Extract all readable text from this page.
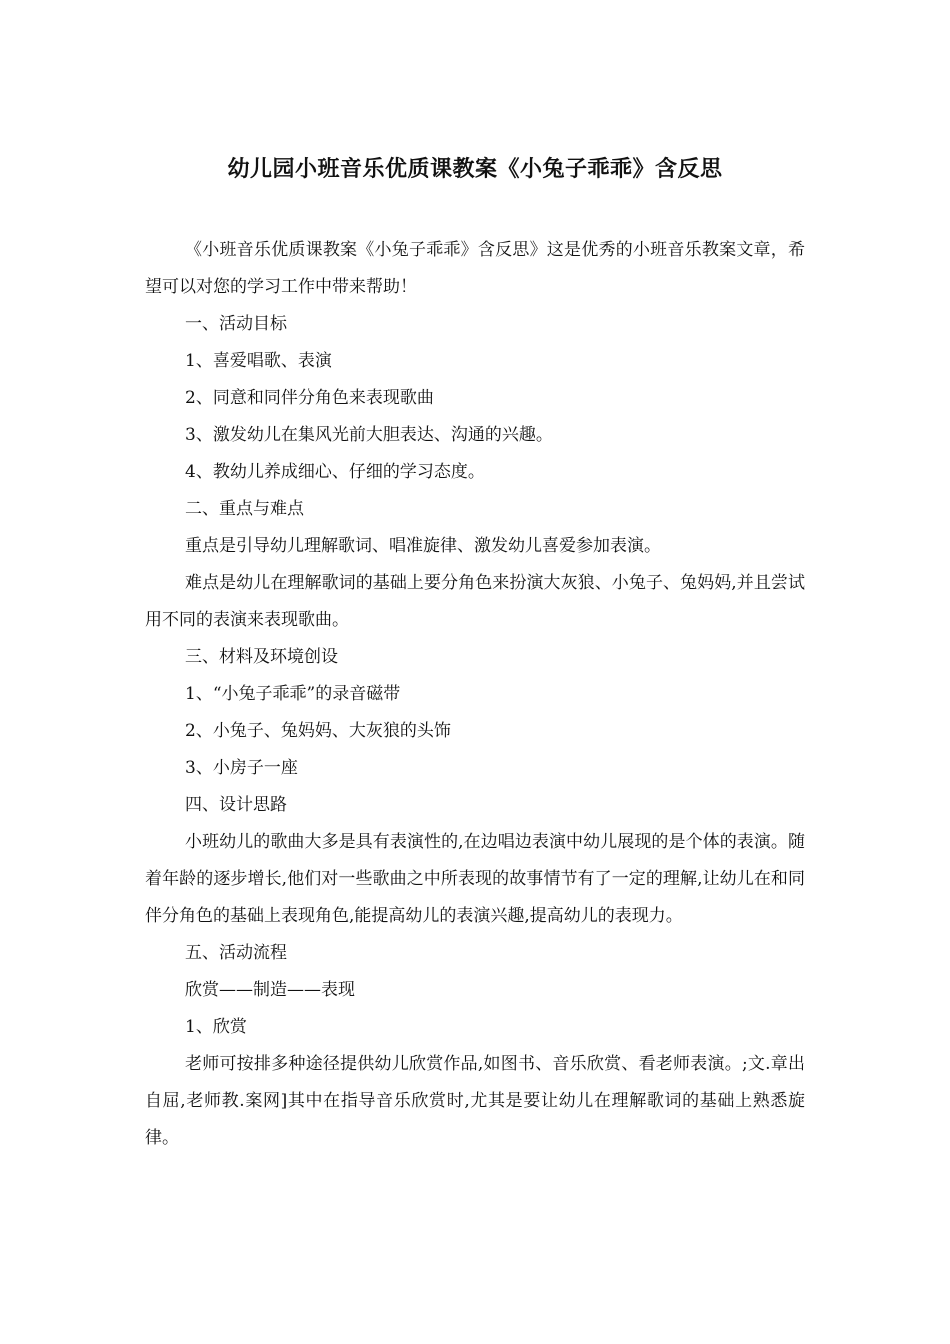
幼儿园小班音乐优质课教案《小兔子乖乖》含反思

《小班音乐优质课教案《小兔子乖乖》含反思》这是优秀的小班音乐教案文章，希望可以对您的学习工作中带来帮助！

一、活动目标

1、喜爱唱歌、表演

2、同意和同伴分角色来表现歌曲

3、激发幼儿在集风光前大胆表达、沟通的兴趣。

4、教幼儿养成细心、仔细的学习态度。

二、重点与难点

重点是引导幼儿理解歌词、唱准旋律、激发幼儿喜爱参加表演。

难点是幼儿在理解歌词的基础上要分角色来扮演大灰狼、小兔子、兔妈妈,并且尝试用不同的表演来表现歌曲。

三、材料及环境创设

1、“小兔子乖乖”的录音磁带

2、小兔子、兔妈妈、大灰狼的头饰

3、小房子一座

四、设计思路

小班幼儿的歌曲大多是具有表演性的,在边唱边表演中幼儿展现的是个体的表演。随着年龄的逐步增长,他们对一些歌曲之中所表现的故事情节有了一定的理解,让幼儿在和同伴分角色的基础上表现角色,能提高幼儿的表演兴趣,提高幼儿的表现力。

五、活动流程

欣赏——制造——表现

1、欣赏

老师可按排多种途径提供幼儿欣赏作品,如图书、音乐欣赏、看老师表演。;文.章出自屈,老师教.案网]其中在指导音乐欣赏时,尤其是要让幼儿在理解歌词的基础上熟悉旋律。
